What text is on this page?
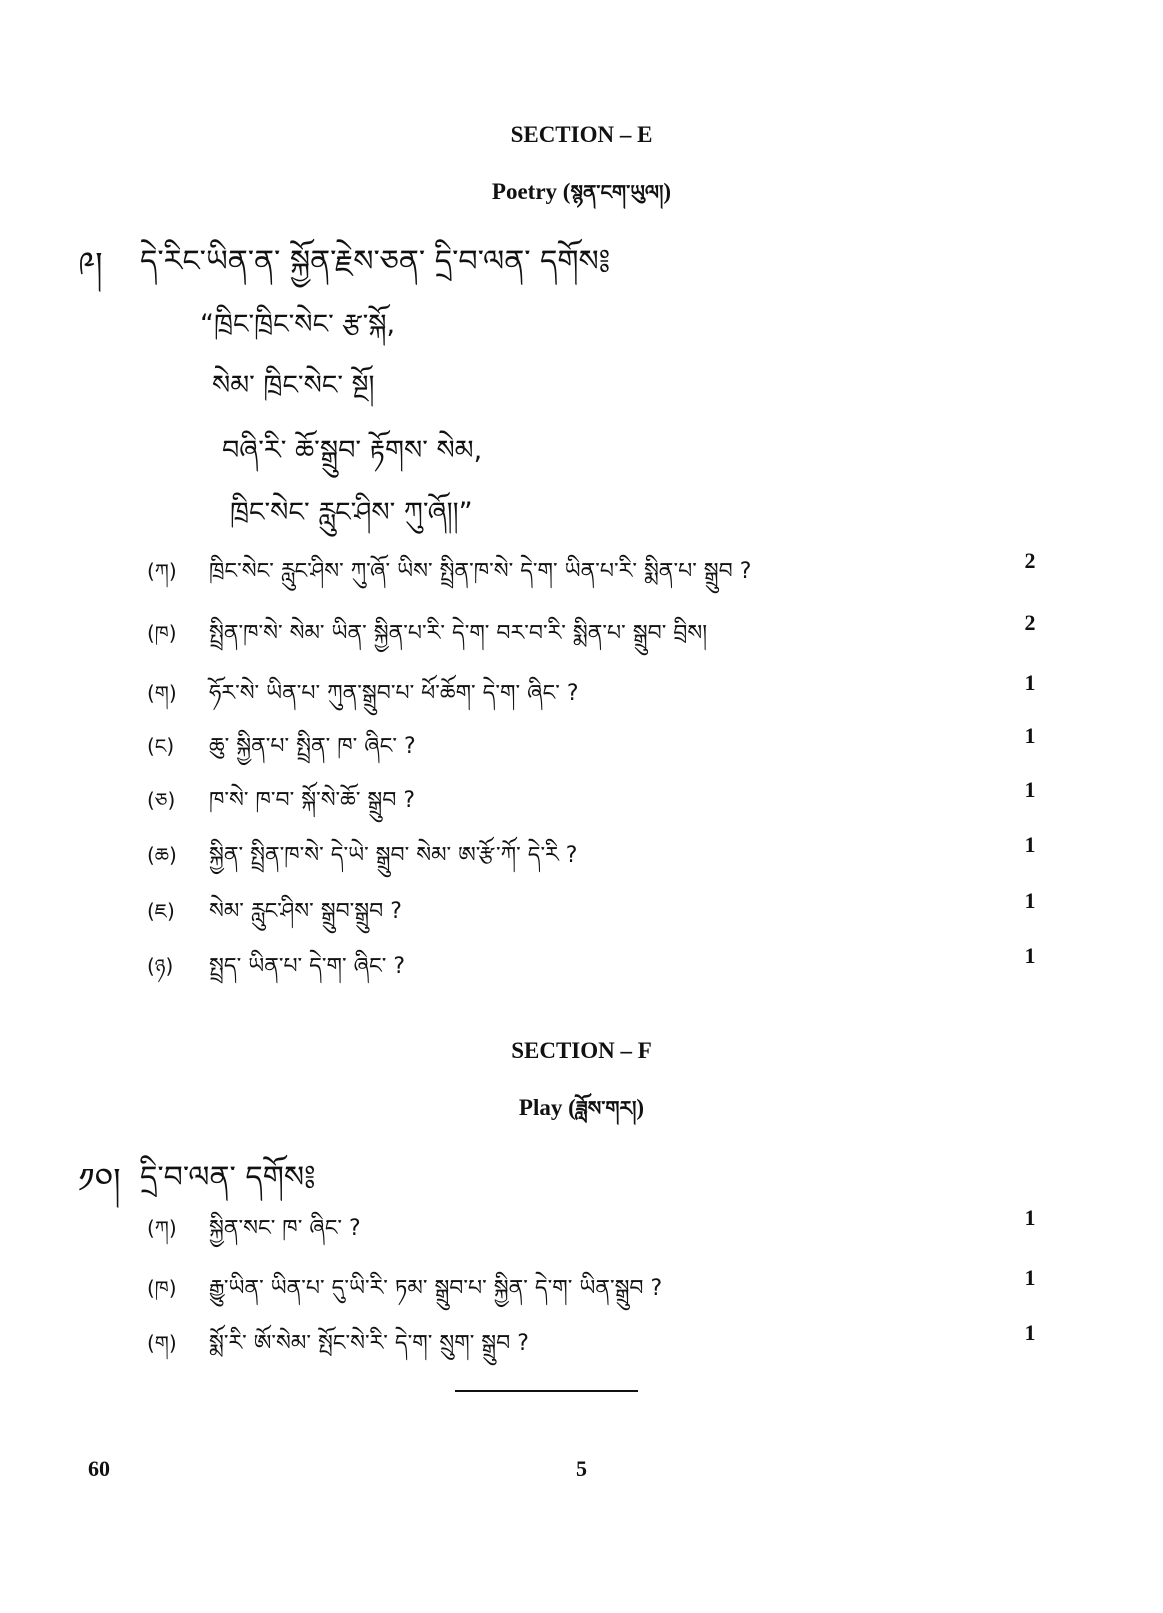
SECTION – E
Poetry (སྙན་ངག་ཡུལ།)
༩། དེ་རིང་ཡིན་ན་ སྐྱོན་རྗེས་ཅན་ དྲི་བ་ལན་ དགོས༔
“ཁྲིང་ཁྲིང་སེང་ རྩ་སྐོ,
སེམ་ ཁྲིང་སེང་ སྔོ།
བཞི་རི་ ཆོ་སྒྲུབ་ རྟོགས་ སེམ,
ཁྲིང་སེང་ རླུང་ཤིས་ ཀུ་ཞོ།།”
(ཀ)	ཁྲིང་སེང་ རླུང་ཤིས་ ཀུ་ཞོ་ ཡིས་ སྤྲིན་ཁ་སེ་ དེ་ག་ ཡིན་པ་རི་ སྨིན་པ་ སྒྲུབ ?	2
(ཁ)	སྤྲིན་ཁ་སེ་ སེམ་ ཡིན་ སྐྱིན་པ་རི་ དེ་ག་ བར་བ་རི་ སྨིན་པ་ སྒྲུབ་ བྲིས།	2
(ག)	ཧོར་སེ་ ཡིན་པ་ ཀུན་སྒྲུབ་པ་ ཕོ་ཆོག་ དེ་ག་ ཞིང་ ?	1
(ང)	ཆུ་ སྐྱིན་པ་ སྤྲིན་ ཁ་ ཞིང་ ?	1
(ཅ)	ཁ་སེ་ ཁ་བ་ སྐོ་སེ་ཆོ་ སྒྲུབ ?	1
(ཆ)	སྐྱིན་ སྤྲིན་ཁ་སེ་ དེ་ཡེ་ སྒྲུབ་ སེམ་ ཨ་རྩོ་ཀོ་ དེ་རི ?	1
(ཇ)	སེམ་ རླུང་ཤིས་ སྒྲུབ་སྒྲུབ ?	1
(ཉ)	སྤྲད་ ཡིན་པ་ དེ་ག་ ཞིང་ ?	1
SECTION – F
Play (ཟློས་གར།)
༡༠། དྲི་བ་ལན་ དགོས༔
(ཀ)	སྐྱིན་སང་ ཁ་ ཞིང་ ?	1
(ཁ)	རྒྱུ་ཡིན་ ཡིན་པ་ དུ་ཡི་རི་ ཏམ་ སྒྲུབ་པ་ སྐྱིན་ དེ་ག་ ཡིན་སྒྲུབ ?	1
(ག)	སྨོ་རི་ ཨོ་སེམ་ སྤོང་སེ་རི་ དེ་ག་ སྲུག་ སྒྲུབ ?	1
60	5
